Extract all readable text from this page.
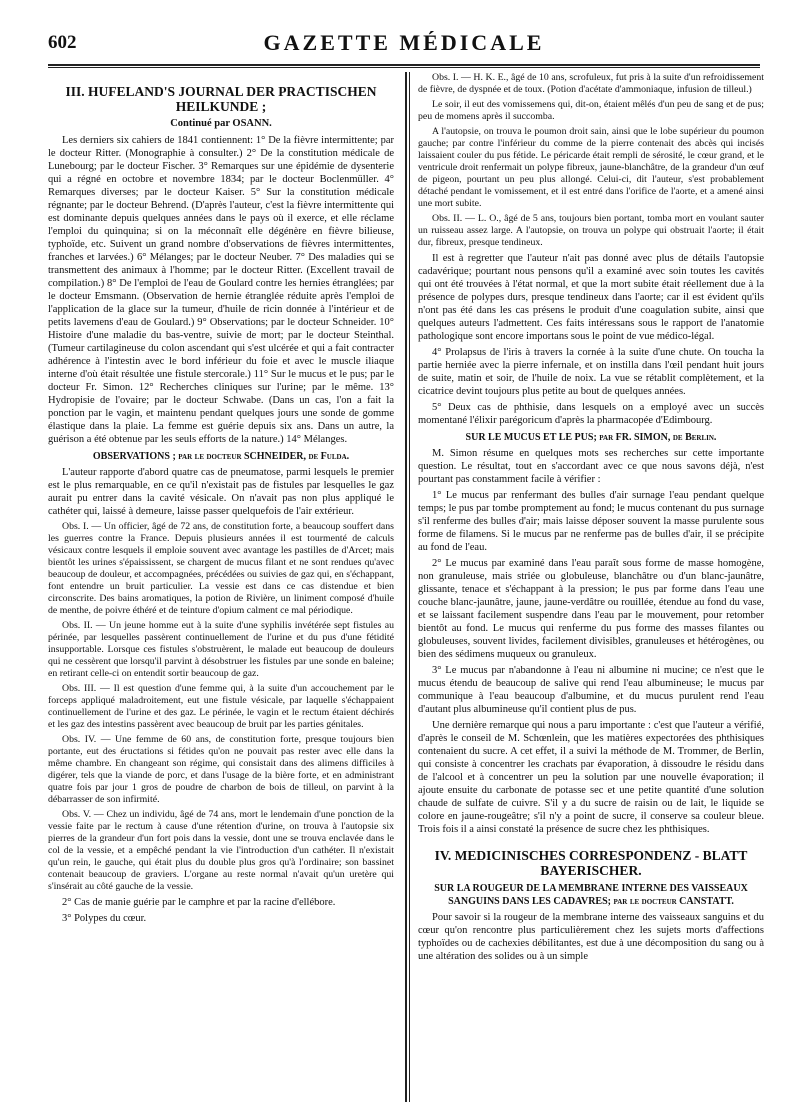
602	GAZETTE MÉDICALE
III. HUFELAND'S JOURNAL DER PRACTISCHEN HEILKUNDE ;
Continué par OSANN.

Les derniers six cahiers de 1841 contiennent: 1° De la fièvre intermittente; par le docteur Ritter. (Monographie à consulter.) 2° De la constitution médicale de Lunebourg; par le docteur Fischer. 3° Remarques sur une épidémie de dysenterie qui a régné en octobre et novembre 1834; par le docteur Boclenmüller. 4° Remarques diverses; par le docteur Kaiser. 5° Sur la constitution médicale régnante; par le docteur Behrend. (D'après l'auteur, c'est la fièvre intermittente qui est dominante depuis quelques années dans le pays où il exerce, et elle réclame l'emploi du quinquina; si on la méconnaît elle dégénère en fièvre bilieuse, typhoïde, etc. Suivent un grand nombre d'observations de fièvres intermittentes, franches et larvées.) 6° Mélanges; par le docteur Neuber. 7° Des maladies qui se transmettent des animaux à l'homme; par le docteur Ritter. (Excellent travail de compilation.) 8° De l'emploi de l'eau de Goulard contre les hernies étranglées; par le docteur Emsmann. (Observation de hernie étranglée réduite après l'emploi de l'application de la glace sur la tumeur, d'huile de ricin donnée à l'intérieur et de petits lavemens d'eau de Goulard.) 9° Observations; par le docteur Schneider. 10° Histoire d'une maladie du bas-ventre, suivie de mort; par le docteur Steinthal. (Tumeur cartilagineuse du colon ascendant qui s'est ulcérée et qui a fait contracter adhérence à l'intestin avec le bord inférieur du foie et avec le muscle iliaque interne d'où était résultée une fistule stercorale.) 11° Sur le mucus et le pus; par le docteur Fr. Simon. 12° Recherches cliniques sur l'urine; par le même. 13° Hydropisie de l'ovaire; par le docteur Schwabe. (Dans un cas, l'on a fait la ponction par le vagin, et maintenu pendant quelques jours une sonde de gomme élastique dans la plaie. La femme est guérie depuis six ans. Dans un autre, la guérison a été obtenue par les seuls efforts de la nature.) 14° Mélanges.

OBSERVATIONS ; par le docteur SCHNEIDER, de Fulda.

L'auteur rapporte d'abord quatre cas de pneumatose, parmi lesquels le premier est le plus remarquable, en ce qu'il n'existait pas de fistules par lesquelles le gaz aurait pu entrer dans la cavité vésicale. On n'avait pas non plus appliqué le cathéter qui, laissé à demeure, laisse passer quelquefois de l'air extérieur.

Obs. I. — Un officier, âgé de 72 ans, de constitution forte, a beaucoup souffert dans les guerres contre la France. Depuis plusieurs années il est tourmenté de calculs vésicaux contre lesquels il emploie souvent avec avantage les pastilles de d'Arcet; mais bientôt les urines s'épaississent, se chargent de mucus filant et ne sont rendues qu'avec beaucoup de douleur, et accompagnées, précédées ou suivies de gaz qui, en s'échappant, font entendre un bruit particulier. La vessie est dans ce cas distendue et bien circonscrite. Des bains aromatiques, la potion de Rivière, un liniment composé d'huile de menthe, de poivre éthéré et de teinture d'opium calment ce mal périodique.

Obs. II. — Un jeune homme eut à la suite d'une syphilis invétérée sept fistules au périnée, par lesquelles passèrent continuellement de l'urine et du pus d'une fétidité insupportable. Lorsque ces fistules s'obstruèrent, le malade eut beaucoup de douleurs qui ne cessèrent que lorsqu'il parvint à désobstruer les fistules par une sonde en baleine; en retirant celle-ci on entendit sortir beaucoup de gaz.

Obs. III. — Il est question d'une femme qui, à la suite d'un accouchement par le forceps appliqué maladroitement, eut une fistule vésicale, par laquelle s'échappaient continuellement de l'urine et des gaz. Le périnée, le vagin et le rectum étaient déchirés et les gaz des intestins passèrent avec beaucoup de bruit par les parties génitales.

Obs. IV. — Une femme de 60 ans, de constitution forte, presque toujours bien portante, eut des éructations si fétides qu'on ne pouvait pas rester avec elle dans la même chambre. En changeant son régime, qui consistait dans des alimens difficiles à digérer, tels que la viande de porc, et dans l'usage de la bière forte, et en administrant quatre fois par jour 1 gros de poudre de charbon de bois de tilleul, on parvint à la débarrasser de son infirmité.

Obs. V. — Chez un individu, âgé de 74 ans, mort le lendemain d'une ponction de la vessie faite par le rectum à cause d'une rétention d'urine, on trouva à l'autopsie six pierres de la grandeur d'un fort pois dans la vessie, dont une se trouva enclavée dans le col de la vessie, et a empêché pendant la vie l'introduction d'un cathéter. Il n'existait qu'un rein, le gauche, qui était plus du double plus gros qu'à l'ordinaire; son bassinet contenait beaucoup de graviers. L'organe au reste normal n'avait qu'un uretère qui s'insérait au côté gauche de la vessie.

2° Cas de manie guérie par le camphre et par la racine d'ellébore.

3° Polypes du cœur.

Obs. I. — H. K. E., âgé de 10 ans, scrofuleux, fut pris à la suite d'un refroidissement de fièvre, de dyspnée et de toux. (Potion d'acétate d'ammoniaque, infusion de tilleul.)

Le soir, il eut des vomissemens qui, dit-on, étaient mêlés d'un peu de sang et de pus; peu de momens après il succomba.

A l'autopsie, on trouva le poumon droit sain, ainsi que le lobe supérieur du poumon gauche; par contre l'inférieur du comme de la pierre contenait des abcès qui incisés laissaient couler du pus fétide. Le péricarde était rempli de sérosité, le cœur grand, et le ventricule droit renfermait un polype fibreux, jaune-blanchâtre, de la grandeur d'un œuf de pigeon, pourtant un peu plus allongé. Celui-ci, dit l'auteur, s'est probablement détaché pendant le vomissement, et il est entré dans l'orifice de l'aorte, et a amené ainsi une mort subite.

Obs. II. — L. O., âgé de 5 ans, toujours bien portant, tomba mort en voulant sauter un ruisseau assez large. A l'autopsie, on trouva un polype qui obstruait l'aorte; il était dur, fibreux, presque tendineux.

Il est à regretter que l'auteur n'ait pas donné avec plus de détails l'autopsie cadavérique; pourtant nous pensons qu'il a examiné avec soin toutes les cavités qui ont été trouvées à l'état normal, et que la mort subite était réellement due à la présence de polypes durs, presque tendineux dans l'aorte; car il est évident qu'ils n'ont pas été dans les cas présens le produit d'une coagulation subite, ainsi que quelques auteurs l'admettent. Ces faits intéressans sous le rapport de l'anatomie pathologique sont encore importans sous le point de vue médico-légal.

4° Prolapsus de l'iris à travers la cornée à la suite d'une chute. On toucha la partie herniée avec la pierre infernale, et on instilla dans l'œil pendant huit jours de suite, matin et soir, de l'huile de noix. La vue se rétablit complètement, et la cicatrice devint toujours plus petite au bout de quelques années.

5° Deux cas de phthisie, dans lesquels on a employé avec un succès momentané l'élixir parégoricum d'après la pharmacopée d'Edimbourg.

SUR LE MUCUS ET LE PUS; par FR. SIMON, de Berlin.

M. Simon résume en quelques mots ses recherches sur cette importante question. Le résultat, tout en s'accordant avec ce que nous savons déjà, n'est pourtant pas constamment facile à vérifier :

1° Le mucus par renfermant des bulles d'air surnage l'eau pendant quelque temps; le pus par tombe promptement au fond; le mucus contenant du pus surnage s'il renferme des bulles d'air; mais laisse déposer souvent la masse purulente sous forme de filamens. Si le mucus par ne renferme pas de bulles d'air, il se précipite au fond de l'eau.

2° Le mucus par examiné dans l'eau paraît sous forme de masse homogène, non granuleuse, mais striée ou globuleuse, blanchâtre ou d'un blanc-jaunâtre, glissante, tenace et s'échappant à la pression; le pus par forme dans l'eau une couche blanc-jaunâtre, jaune, jaune-verdâtre ou rouillée, étendue au fond du vase, et se laissant facilement suspendre dans l'eau par le mouvement, pour retomber bientôt au fond. Le mucus qui renferme du pus forme des masses filantes ou globuleuses, souvent livides, facilement divisibles, granuleuses et hétérogènes, ou bien des sédimens muqueux ou granuleux.

3° Le mucus par n'abandonne à l'eau ni albumine ni mucine; ce n'est que le mucus étendu de beaucoup de salive qui rend l'eau albumineuse; le mucus par communique à l'eau beaucoup d'albumine, et du mucus purulent rend l'eau d'autant plus albumineuse qu'il contient plus de pus.

Une dernière remarque qui nous a paru importante : c'est que l'auteur a vérifié, d'après le conseil de M. Schœnlein, que les matières expectorées des phthisiques contenaient du sucre. A cet effet, il a suivi la méthode de M. Trommer, de Berlin, qui consiste à concentrer les crachats par évaporation, à dissoudre le résidu dans de l'alcool et à concentrer un peu la solution par une nouvelle évaporation; il ajoute ensuite du carbonate de potasse sec et une petite quantité d'une solution chaude de sulfate de cuivre. S'il y a du sucre de raisin ou de lait, le liquide se colore en jaune-rougeâtre; s'il n'y a point de sucre, il conserve sa couleur bleue. Trois fois il a ainsi constaté la présence de sucre chez les phthisiques.

IV. MEDICINISCHES CORRESPONDENZ - BLATT BAYERISCHER.
SUR LA ROUGEUR DE LA MEMBRANE INTERNE DES VAISSEAUX SANGUINS DANS LES CADAVRES; par le docteur CANSTATT.

Pour savoir si la rougeur de la membrane interne des vaisseaux sanguins et du cœur qu'on rencontre plus particulièrement chez les sujets morts d'affections typhoïdes ou de cachexies débilitantes, est due à une décomposition du sang ou à une altération des solides ou à un simple
